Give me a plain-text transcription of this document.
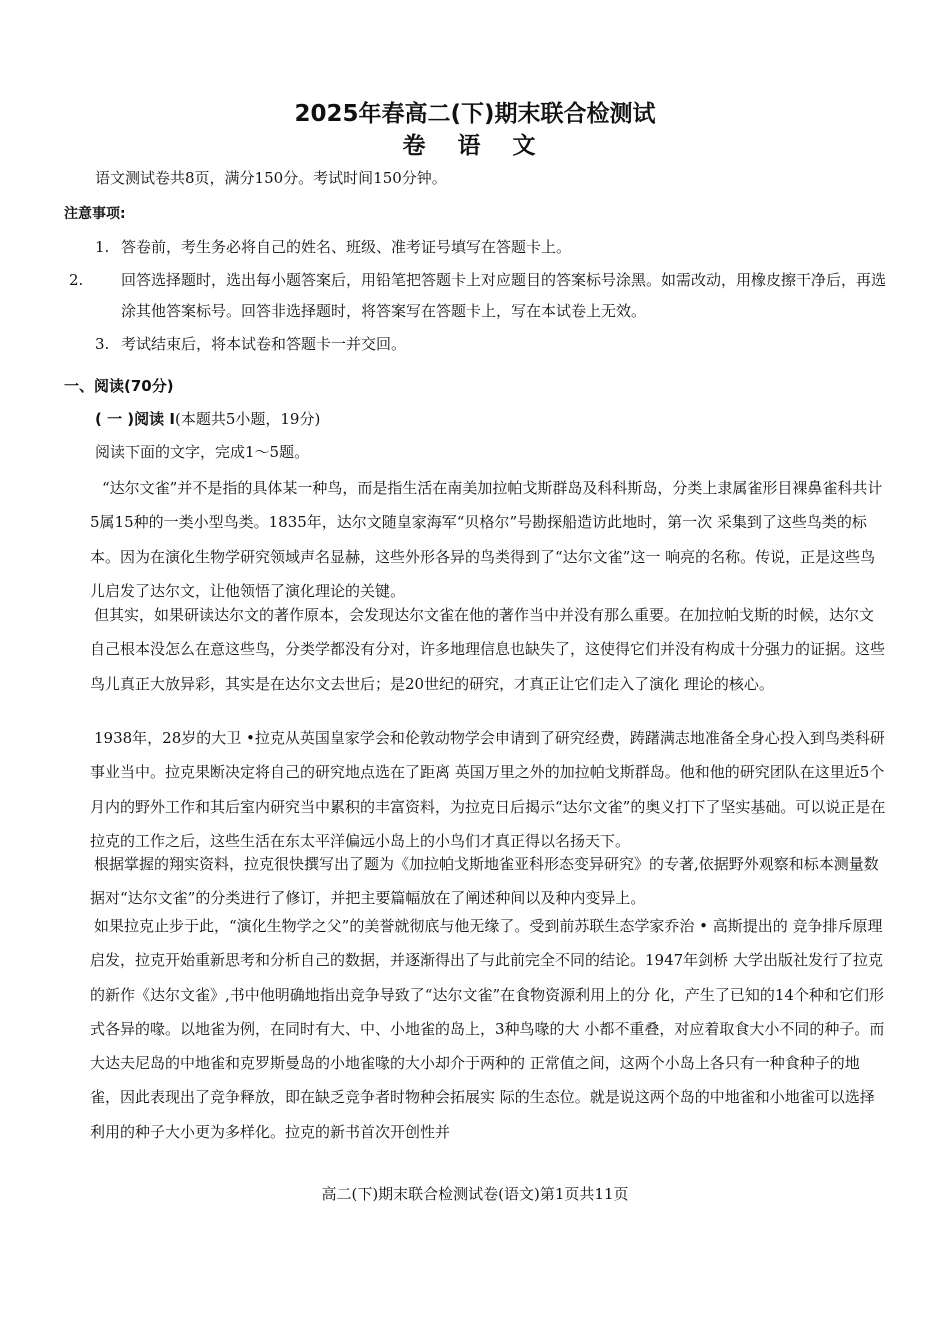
2025年春高二(下)期末联合检测试
卷 语 文
语文测试卷共8页，满分150分。考试时间150分钟。
注意事项:
1. 答卷前，考生务必将自己的姓名、班级、准考证号填写在答题卡上。
2.	回答选择题时，选出每小题答案后，用铅笔把答题卡上对应题目的答案标号涂黑。如需改动，用橡皮擦干净后，再选涂其他答案标号。回答非选择题时，将答案写在答题卡上，写在本试卷上无效。
3. 考试结束后，将本试卷和答题卡一并交回。
一、阅读(70分)
( 一 )阅读 Ⅰ(本题共5小题，19分)
阅读下面的文字，完成1～5题。
“达尔文雀”并不是指的具体某一种鸟，而是指生活在南美加拉帕戈斯群岛及科科斯岛，分类上隶属雀形目裸鼻雀科共计5属15种的一类小型鸟类。1835年，达尔文随皇家海军“贝格尔”号勘探船造访此地时，第一次 采集到了这些鸟类的标本。因为在演化生物学研究领域声名显赫，这些外形各异的鸟类得到了“达尔文雀”这一 响亮的名称。传说，正是这些鸟儿启发了达尔文，让他领悟了演化理论的关键。
但其实，如果研读达尔文的著作原本，会发现达尔文雀在他的著作当中并没有那么重要。在加拉帕戈斯的时候，达尔文自己根本没怎么在意这些鸟，分类学都没有分对，许多地理信息也缺失了，这使得它们并没有构成十分强力的证据。这些鸟儿真正大放异彩，其实是在达尔文去世后；是20世纪的研究，才真正让它们走入了演化 理论的核心。
1938年，28岁的大卫 •拉克从英国皇家学会和伦敦动物学会申请到了研究经费，踌躇满志地准备全身心投入到鸟类科研事业当中。拉克果断决定将自己的研究地点选在了距离 英国万里之外的加拉帕戈斯群岛。他和他的研究团队在这里近5个月内的野外工作和其后室内研究当中累积的丰富资料，为拉克日后揭示“达尔文雀”的奥义打下了坚实基础。可以说正是在拉克的工作之后，这些生活在东太平洋偏远小岛上的小鸟们才真正得以名扬天下。
根据掌握的翔实资料，拉克很快撰写出了题为《加拉帕戈斯地雀亚科形态变异研究》的专著,依据野外观察和标本测量数据对“达尔文雀”的分类进行了修订，并把主要篇幅放在了阐述种间以及种内变异上。
如果拉克止步于此，“演化生物学之父”的美誉就彻底与他无缘了。受到前苏联生态学家乔治 • 高斯提出的 竞争排斥原理启发，拉克开始重新思考和分析自己的数据，并逐渐得出了与此前完全不同的结论。1947年剑桥 大学出版社发行了拉克的新作《达尔文雀》,书中他明确地指出竞争导致了“达尔文雀”在食物资源利用上的分 化，产生了已知的14个种和它们形式各异的喙。以地雀为例，在同时有大、中、小地雀的岛上，3种鸟喙的大 小都不重叠，对应着取食大小不同的种子。而大达夫尼岛的中地雀和克罗斯曼岛的小地雀喙的大小却介于两种的 正常值之间，这两个小岛上各只有一种食种子的地雀，因此表现出了竞争释放，即在缺乏竞争者时物种会拓展实 际的生态位。就是说这两个岛的中地雀和小地雀可以选择利用的种子大小更为多样化。拉克的新书首次开创性并
高二(下)期末联合检测试卷(语文)第1页共11页
